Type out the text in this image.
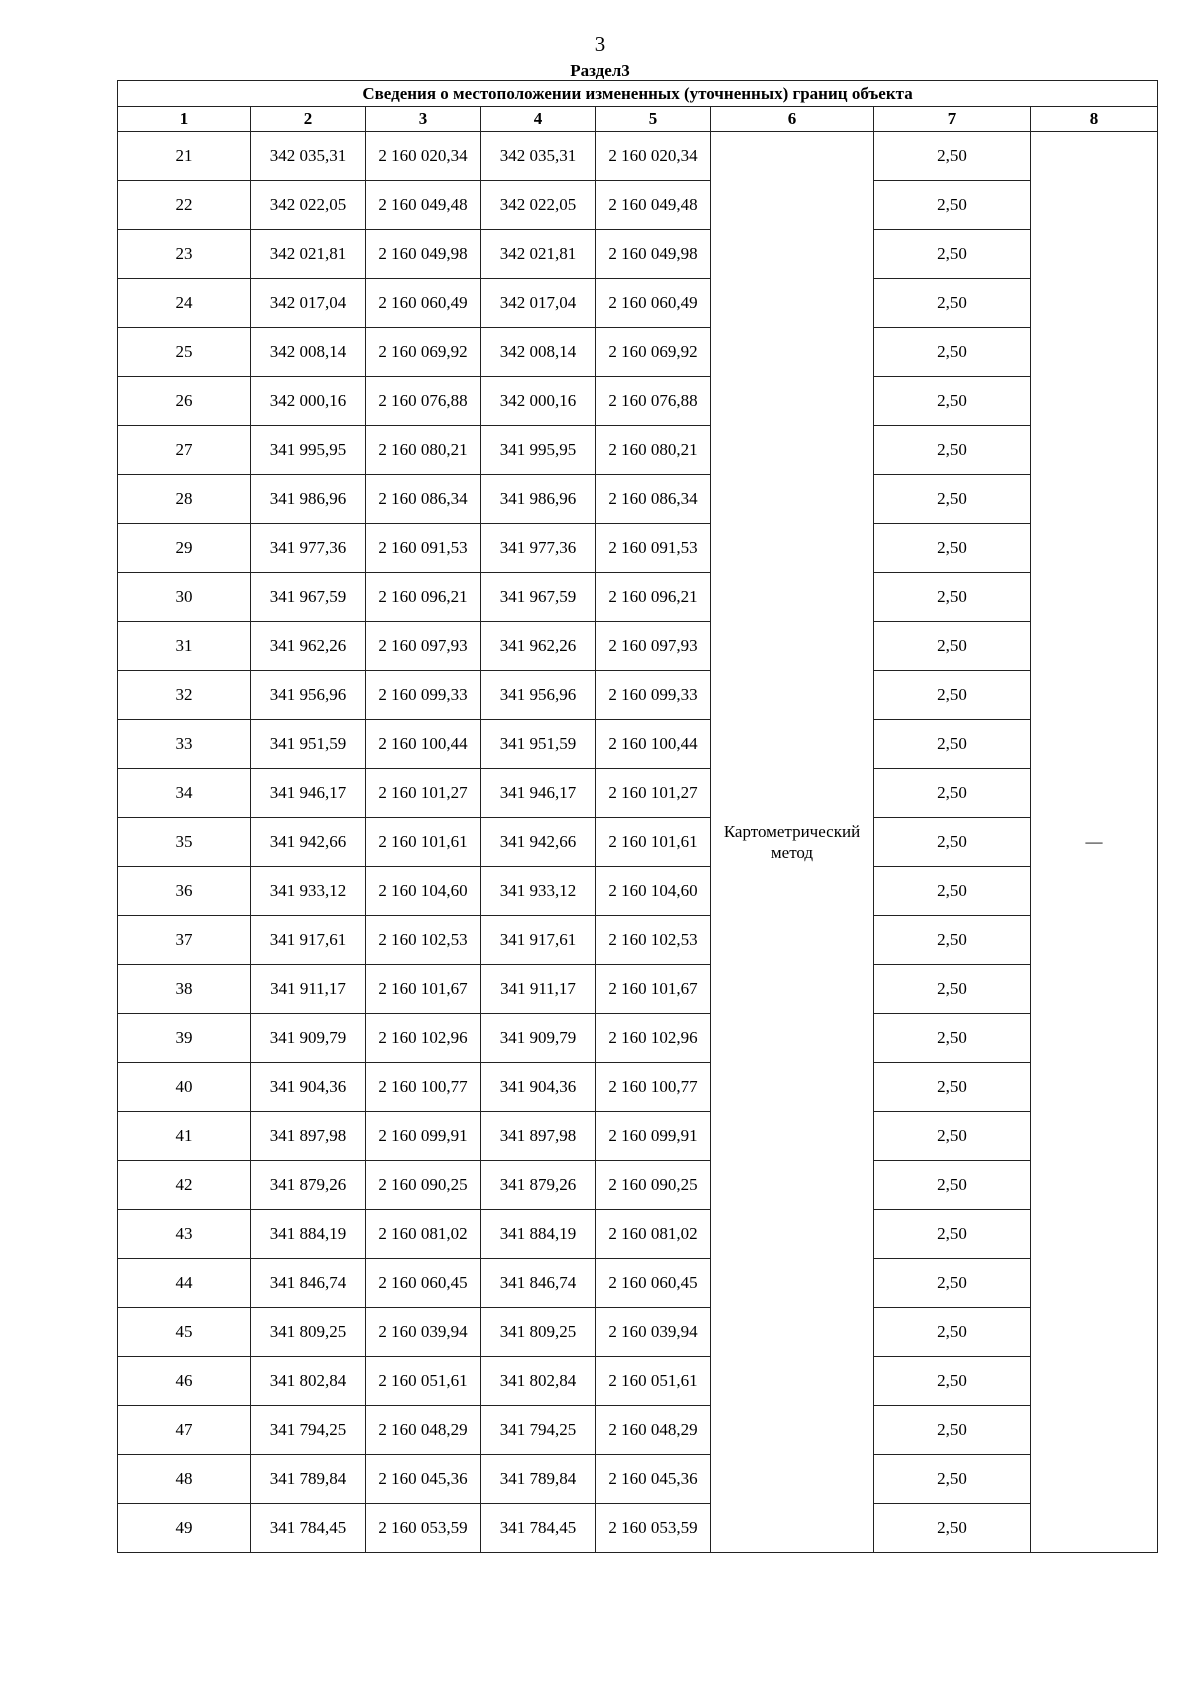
3
Раздел3
Сведения о местоположении измененных (уточненных) границ объекта							
1	2	3	4	5	6	7	8
21	342 035,31	2 160 020,34	342 035,31	2 160 020,34	Картометрический метод	2,50	—
22	342 022,05	2 160 049,48	342 022,05	2 160 049,48		2,50	
23	342 021,81	2 160 049,98	342 021,81	2 160 049,98		2,50	
24	342 017,04	2 160 060,49	342 017,04	2 160 060,49		2,50	
25	342 008,14	2 160 069,92	342 008,14	2 160 069,92		2,50	
26	342 000,16	2 160 076,88	342 000,16	2 160 076,88		2,50	
27	341 995,95	2 160 080,21	341 995,95	2 160 080,21		2,50	
28	341 986,96	2 160 086,34	341 986,96	2 160 086,34		2,50	
29	341 977,36	2 160 091,53	341 977,36	2 160 091,53		2,50	
30	341 967,59	2 160 096,21	341 967,59	2 160 096,21		2,50	
31	341 962,26	2 160 097,93	341 962,26	2 160 097,93		2,50	
32	341 956,96	2 160 099,33	341 956,96	2 160 099,33		2,50	
33	341 951,59	2 160 100,44	341 951,59	2 160 100,44		2,50	
34	341 946,17	2 160 101,27	341 946,17	2 160 101,27		2,50	
35	341 942,66	2 160 101,61	341 942,66	2 160 101,61		2,50	
36	341 933,12	2 160 104,60	341 933,12	2 160 104,60		2,50	
37	341 917,61	2 160 102,53	341 917,61	2 160 102,53		2,50	
38	341 911,17	2 160 101,67	341 911,17	2 160 101,67		2,50	
39	341 909,79	2 160 102,96	341 909,79	2 160 102,96		2,50	
40	341 904,36	2 160 100,77	341 904,36	2 160 100,77		2,50	
41	341 897,98	2 160 099,91	341 897,98	2 160 099,91		2,50	
42	341 879,26	2 160 090,25	341 879,26	2 160 090,25		2,50	
43	341 884,19	2 160 081,02	341 884,19	2 160 081,02		2,50	
44	341 846,74	2 160 060,45	341 846,74	2 160 060,45		2,50	
45	341 809,25	2 160 039,94	341 809,25	2 160 039,94		2,50	
46	341 802,84	2 160 051,61	341 802,84	2 160 051,61		2,50	
47	341 794,25	2 160 048,29	341 794,25	2 160 048,29		2,50	
48	341 789,84	2 160 045,36	341 789,84	2 160 045,36		2,50	
49	341 784,45	2 160 053,59	341 784,45	2 160 053,59		2,50	
